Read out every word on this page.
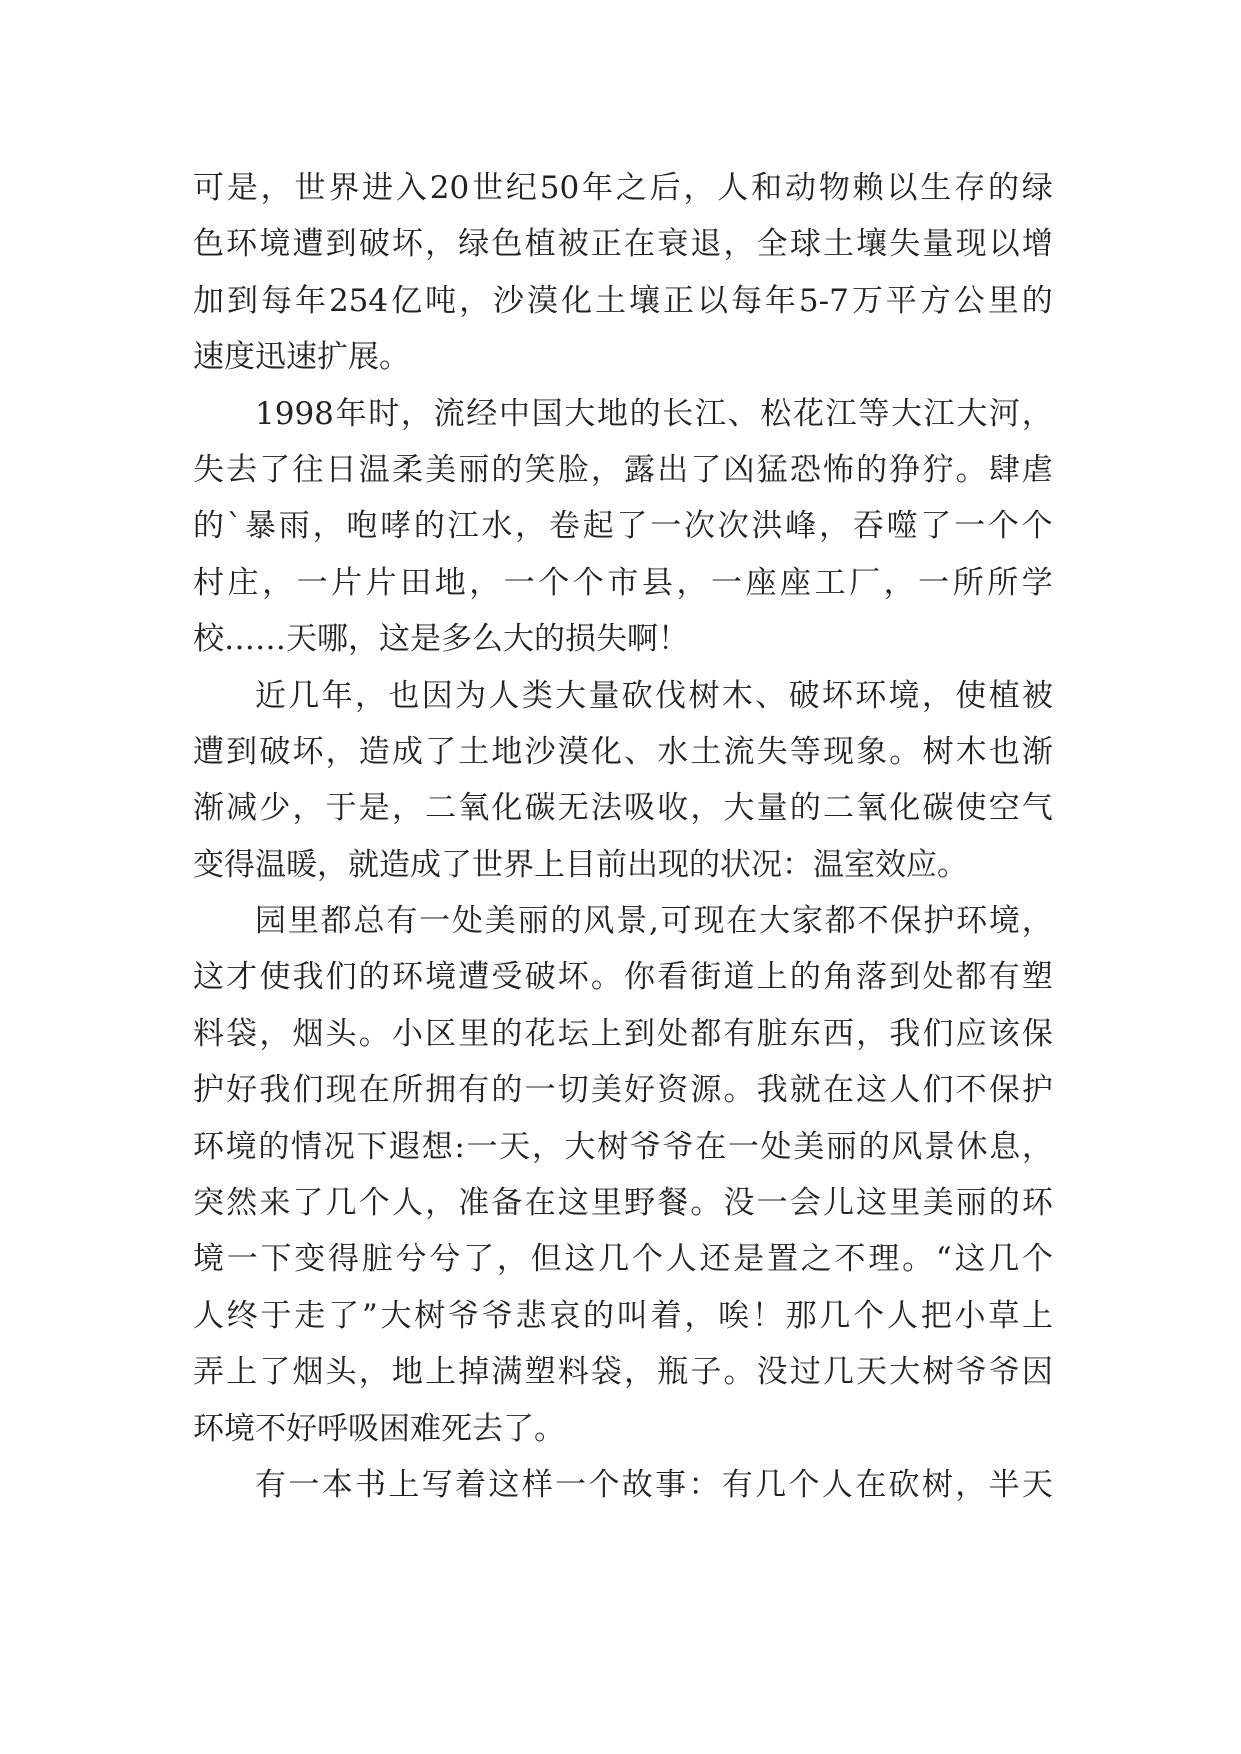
可 是 ， 世 界 进 入 20 世 纪 50 年 之 后 ， 人 和 动 物 赖 以 生 存 的 绿
色 环 境 遭 到 破 坏 ， 绿 色 植 被 正 在 衰 退 ， 全 球 土 壤 失 量 现 以 增
加 到 每 年 254 亿 吨 ， 沙 漠 化 土 壤 正 以 每 年 5-7 万 平 方 公 里 的
速度迅速扩展。
1998 年 时 ， 流 经 中 国 大 地 的 长 江 、 松 花 江 等 大 江 大 河 ，
失 去 了 往 日 温 柔 美 丽 的 笑 脸 ， 露 出 了 凶 猛 恐 怖 的 狰 狞 。 肆 虐
的 ` 暴 雨 ， 咆 哮 的 江 水 ， 卷 起 了 一 次 次 洪 峰 ， 吞 噬 了 一 个 个
村 庄 ， 一 片 片 田 地 ， 一 个 个 市 县 ， 一 座 座 工 厂 ， 一 所 所 学
校……天哪，这是多么大的损失啊！
近 几 年 ， 也 因 为 人 类 大 量 砍 伐 树 木 、 破 坏 环 境 ， 使 植 被
遭 到 破 坏 ， 造 成 了 土 地 沙 漠 化 、 水 土 流 失 等 现 象 。 树 木 也 渐
渐 减 少 ， 于 是 ， 二 氧 化 碳 无 法 吸 收 ， 大 量 的 二 氧 化 碳 使 空 气
变得温暖，就造成了世界上目前出现的状况：温室效应。
园 里 都 总 有 一 处 美 丽 的 风 景 , 可 现 在 大 家 都 不 保 护 环 境 ，
这 才 使 我 们 的 环 境 遭 受 破 坏 。 你 看 街 道 上 的 角 落 到 处 都 有 塑
料 袋 ， 烟 头 。 小 区 里 的 花 坛 上 到 处 都 有 脏 东 西 ， 我 们 应 该 保
护 好 我 们 现 在 所 拥 有 的 一 切 美 好 资 源 。 我 就 在 这 人 们 不 保 护
环 境 的 情 况 下 遐 想 : 一 天 ， 大 树 爷 爷 在 一 处 美 丽 的 风 景 休 息 ，
突 然 来 了 几 个 人 ， 准 备 在 这 里 野 餐 。 没 一 会 儿 这 里 美 丽 的 环
境 一 下 变 得 脏 兮 兮 了 ， 但 这 几 个 人 还 是 置 之 不 理 。 “ 这 几 个
人 终 于 走 了 ” 大 树 爷 爷 悲 哀 的 叫 着 ， 唉 ！ 那 几 个 人 把 小 草 上
弄 上 了 烟 头 ， 地 上 掉 满 塑 料 袋 ， 瓶 子 。 没 过 几 天 大 树 爷 爷 因
环境不好呼吸困难死去了。
有 一 本 书 上 写 着 这 样 一 个 故 事 ： 有 几 个 人 在 砍 树 ， 半 天
